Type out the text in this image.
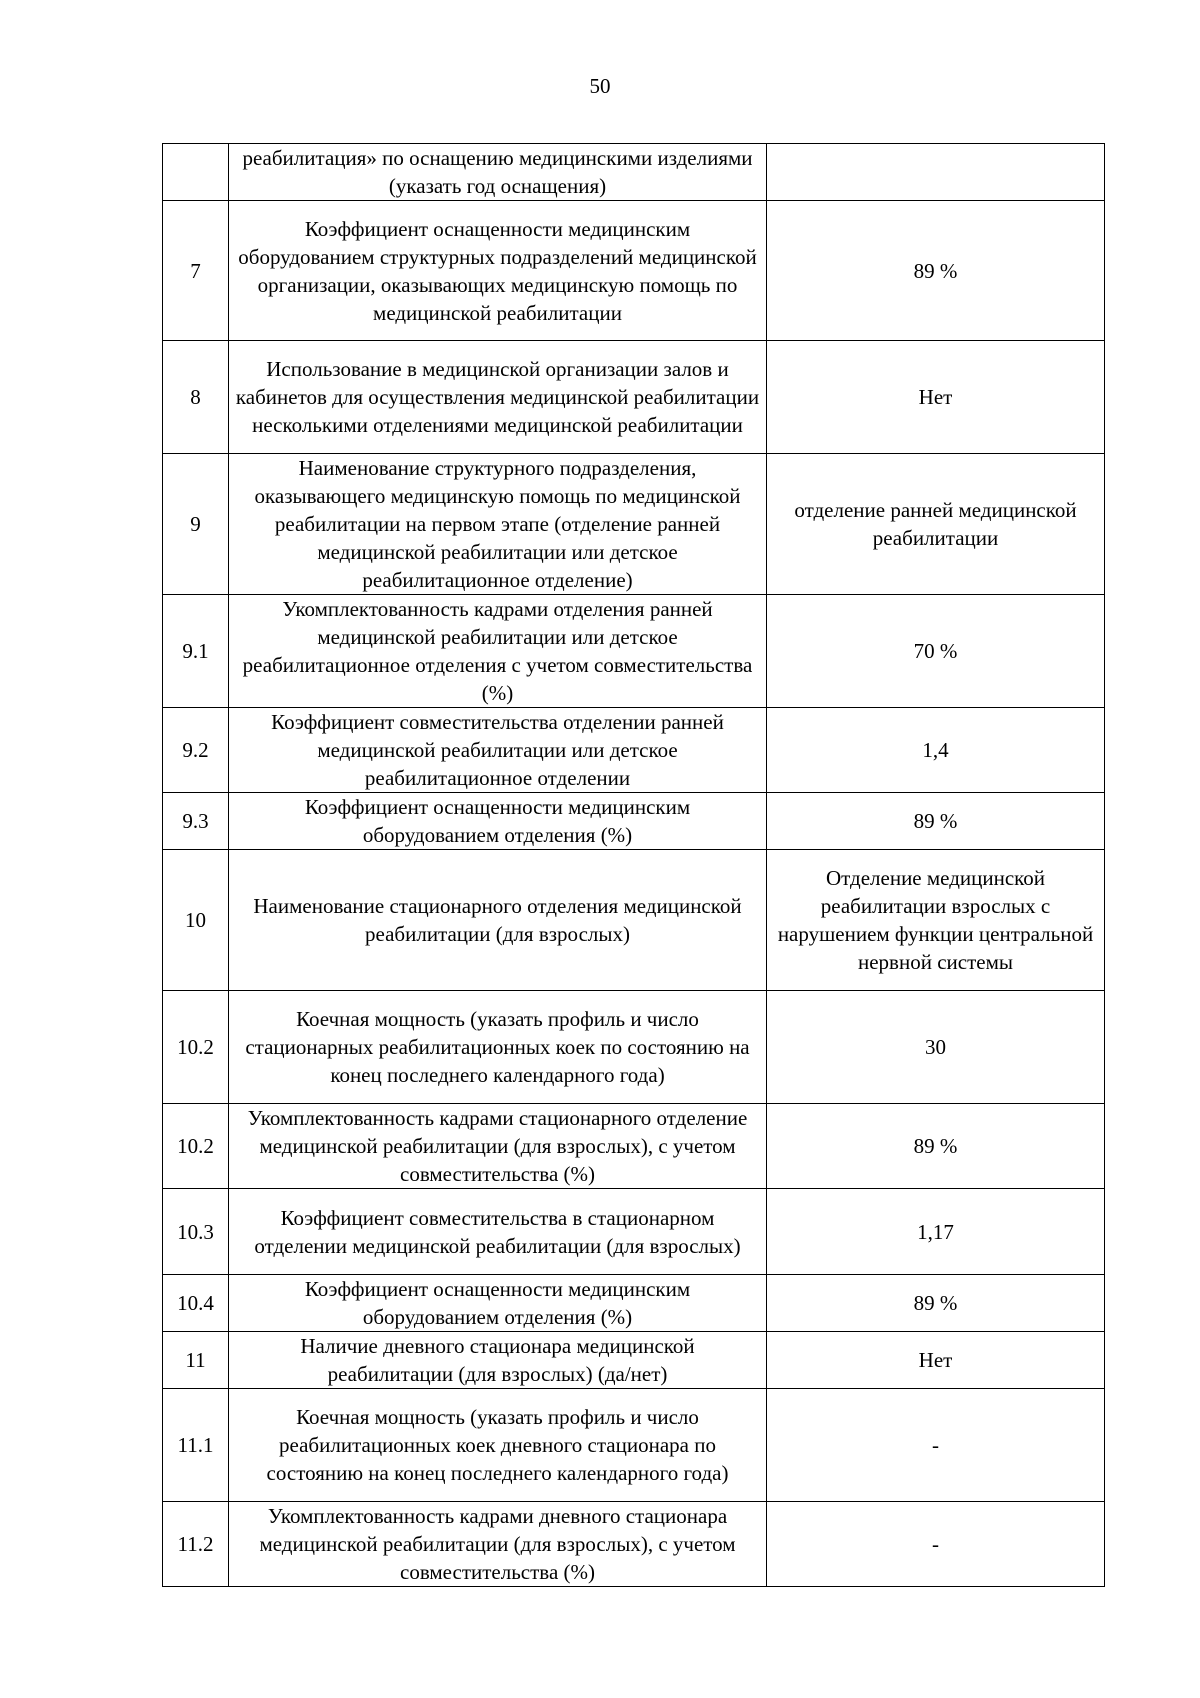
50
	реабилитация» по оснащению медицинскими изделиями (указать год оснащения)	
7	Коэффициент оснащенности медицинским оборудованием структурных подразделений медицинской организации, оказывающих медицинскую помощь по медицинской реабилитации	89 %
8	Использование в медицинской организации залов и кабинетов для осуществления медицинской реабилитации несколькими отделениями медицинской реабилитации	Нет
9	Наименование структурного подразделения, оказывающего медицинскую помощь по медицинской реабилитации на первом этапе (отделение ранней медицинской реабилитации или детское реабилитационное отделение)	отделение ранней медицинской реабилитации
9.1	Укомплектованность кадрами отделения ранней медицинской реабилитации или детское реабилитационное отделения с учетом совместительства (%)	70 %
9.2	Коэффициент совместительства отделении ранней медицинской реабилитации или детское реабилитационное отделении	1,4
9.3	Коэффициент оснащенности медицинским оборудованием отделения (%)	89 %
10	Наименование стационарного отделения медицинской реабилитации (для взрослых)	Отделение медицинской реабилитации взрослых с нарушением функции центральной нервной системы
10.2	Коечная мощность (указать профиль и число стационарных реабилитационных коек по состоянию на конец последнего календарного года)	30
10.2	Укомплектованность кадрами стационарного отделение медицинской реабилитации (для взрослых), с учетом совместительства (%)	89 %
10.3	Коэффициент совместительства в стационарном отделении медицинской реабилитации (для взрослых)	1,17
10.4	Коэффициент оснащенности медицинским оборудованием отделения (%)	89 %
11	Наличие дневного стационара медицинской реабилитации (для взрослых) (да/нет)	Нет
11.1	Коечная мощность (указать профиль и число реабилитационных коек дневного стационара по состоянию на конец последнего календарного года)	-
11.2	Укомплектованность кадрами дневного стационара медицинской реабилитации (для взрослых), с учетом совместительства (%)	-
